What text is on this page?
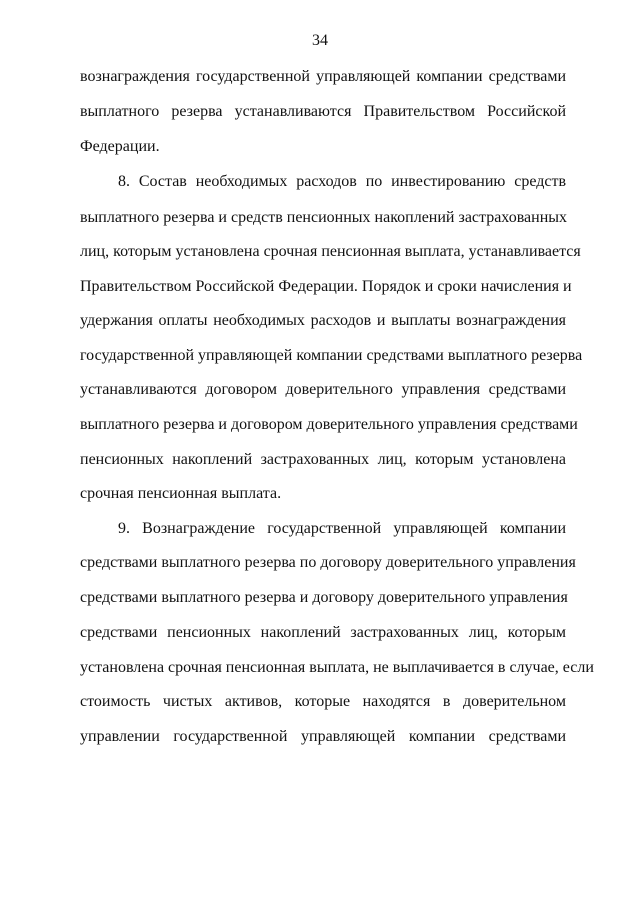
34
вознаграждения государственной управляющей компании средствами
выплатного резерва устанавливаются Правительством Российской
Федерации.
8. Состав необходимых расходов по инвестированию средств
выплатного резерва и средств пенсионных накоплений застрахованных
лиц, которым установлена срочная пенсионная выплата, устанавливается
Правительством Российской Федерации. Порядок и сроки начисления и
удержания оплаты необходимых расходов и выплаты вознаграждения
государственной управляющей компании средствами выплатного резерва
устанавливаются договором доверительного управления средствами
выплатного резерва и договором доверительного управления средствами
пенсионных накоплений застрахованных лиц, которым установлена
срочная пенсионная выплата.
9. Вознаграждение государственной управляющей компании
средствами выплатного резерва по договору доверительного управления
средствами выплатного резерва и договору доверительного управления
средствами пенсионных накоплений застрахованных лиц, которым
установлена срочная пенсионная выплата, не выплачивается в случае, если
стоимость чистых активов, которые находятся в доверительном
управлении государственной управляющей компании средствами
